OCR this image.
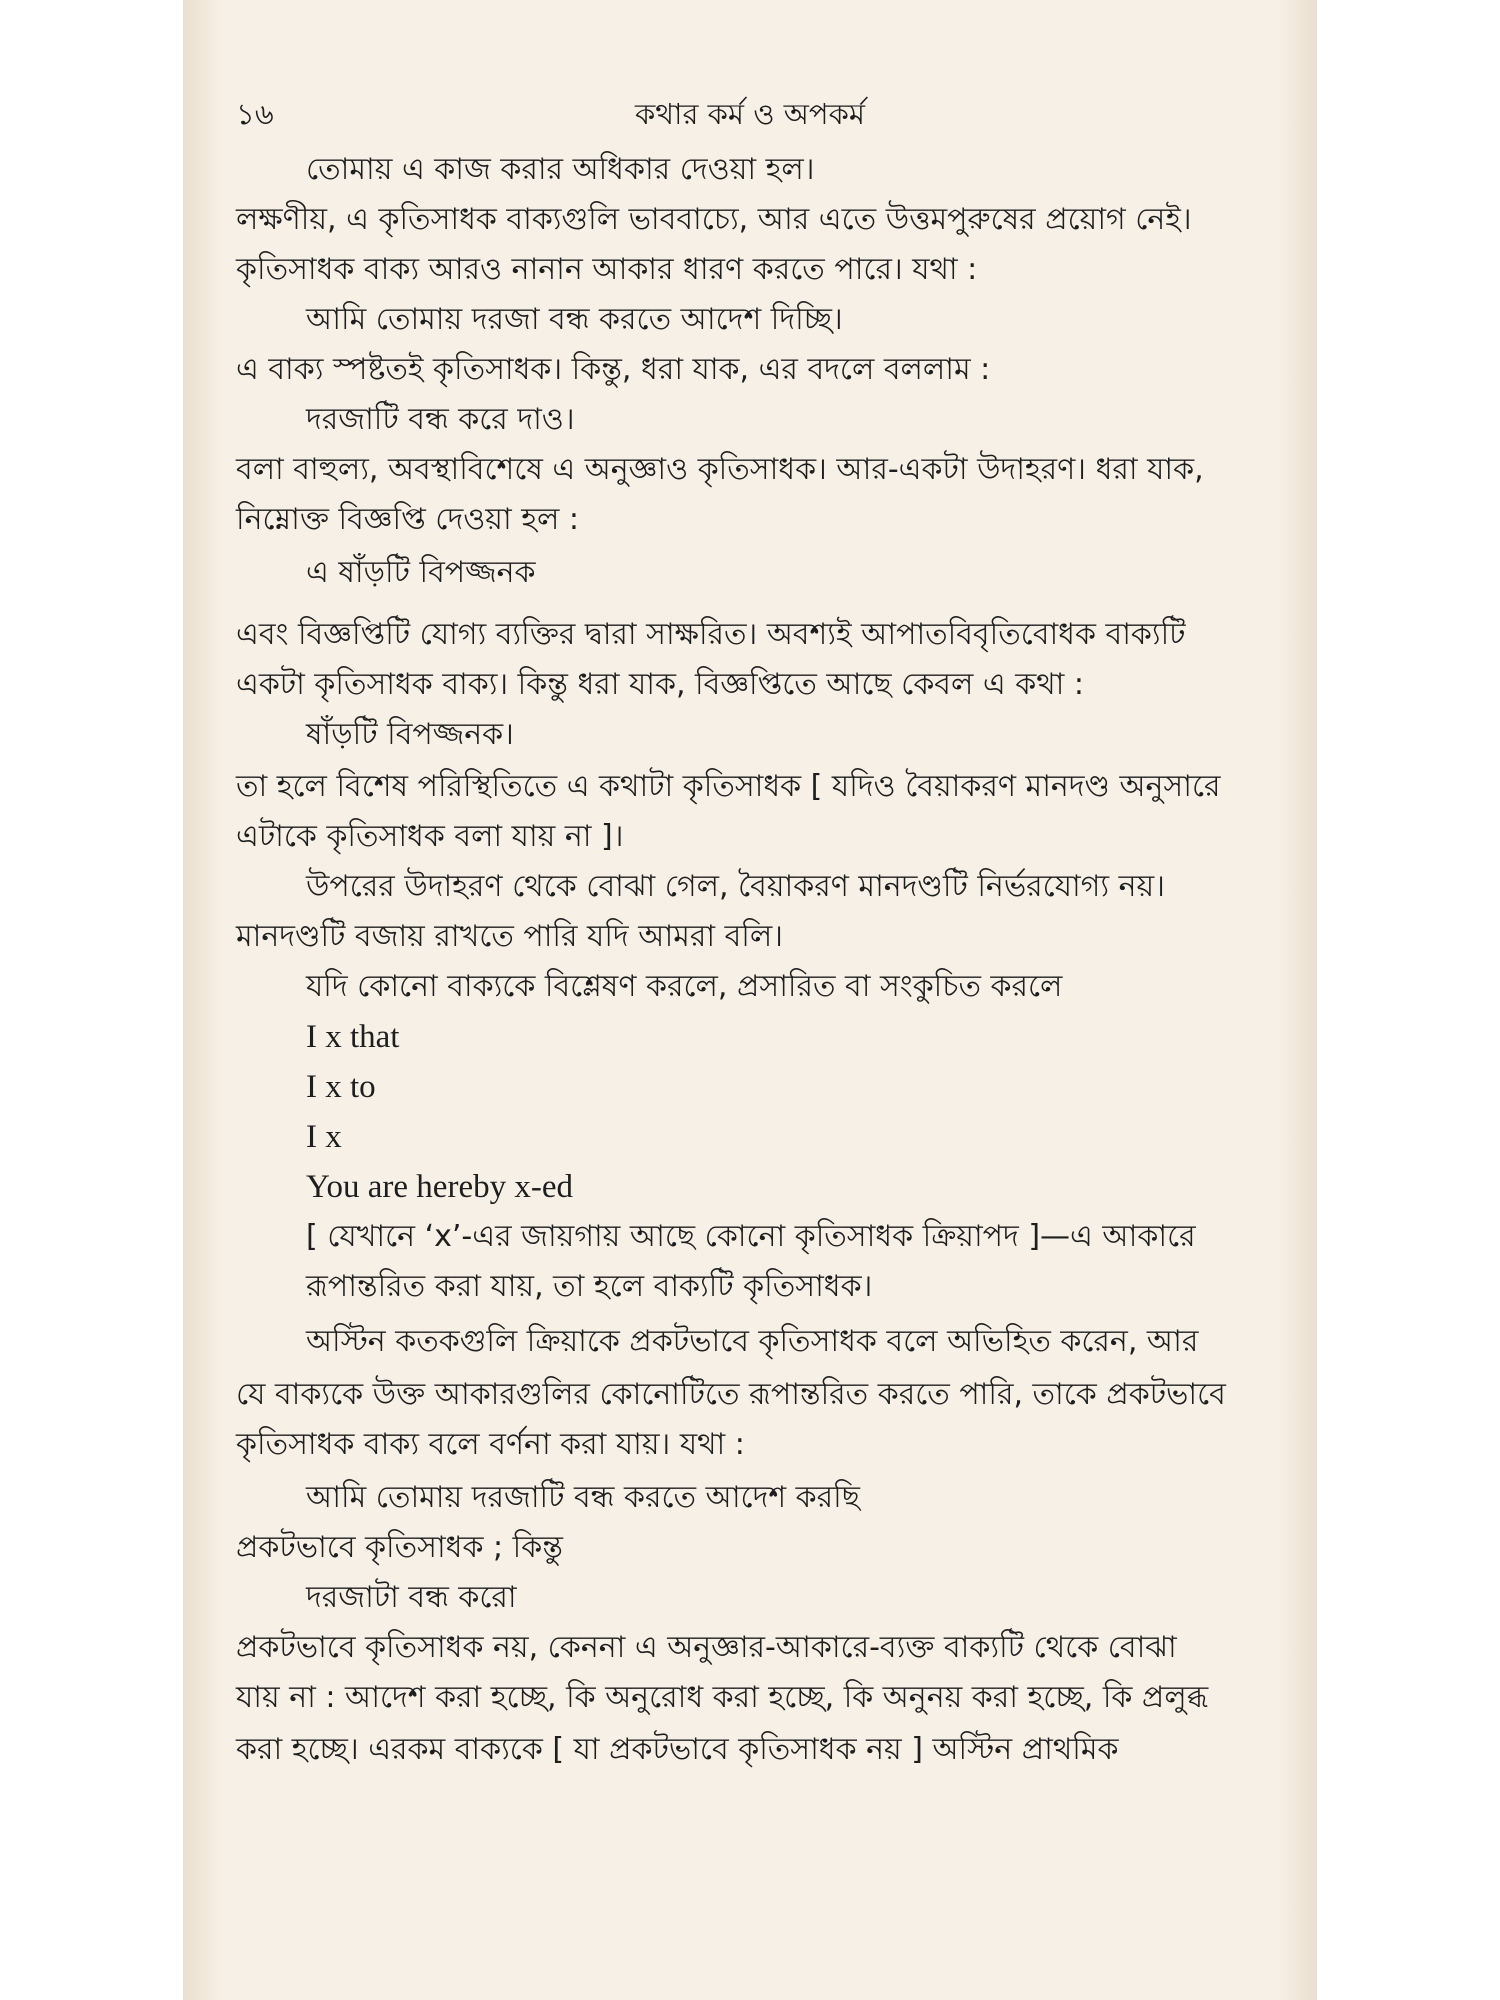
কথার কর্ম ও অপকর্ম
১৬
তোমায় এ কাজ করার অধিকার দেওয়া হল।
লক্ষণীয়, এ কৃতিসাধক বাক্যগুলি ভাববাচ্যে, আর এতে উত্তমপুরুষের প্রয়োগ নেই।
কৃতিসাধক বাক্য আরও নানান আকার ধারণ করতে পারে। যথা :
আমি তোমায় দরজা বন্ধ করতে আদেশ দিচ্ছি।
এ বাক্য স্পষ্টতই কৃতিসাধক। কিন্তু, ধরা যাক, এর বদলে বললাম :
দরজাটি বন্ধ করে দাও।
বলা বাহুল্য, অবস্থাবিশেষে এ অনুজ্ঞাও কৃতিসাধক। আর-একটা উদাহরণ। ধরা যাক,
নিম্নোক্ত বিজ্ঞপ্তি দেওয়া হল :
এ ষাঁড়টি বিপজ্জনক
এবং বিজ্ঞপ্তিটি যোগ্য ব্যক্তির দ্বারা সাক্ষরিত। অবশ্যই আপাতবিবৃতিবোধক বাক্যটি
একটা কৃতিসাধক বাক্য। কিন্তু ধরা যাক, বিজ্ঞপ্তিতে আছে কেবল এ কথা :
ষাঁড়টি বিপজ্জনক।
তা হলে বিশেষ পরিস্থিতিতে এ কথাটা কৃতিসাধক [ যদিও বৈয়াকরণ মানদণ্ড অনুসারে
এটাকে কৃতিসাধক বলা যায় না ]।
উপরের উদাহরণ থেকে বোঝা গেল, বৈয়াকরণ মানদণ্ডটি নির্ভরযোগ্য নয়।
মানদণ্ডটি বজায় রাখতে পারি যদি আমরা বলি।
যদি কোনো বাক্যকে বিশ্লেষণ করলে, প্রসারিত বা সংকুচিত করলে
I x that
I x to
I x
You are hereby x-ed
[ যেখানে ‘x’-এর জায়গায় আছে কোনো কৃতিসাধক ক্রিয়াপদ ]—এ আকারে
রূপান্তরিত করা যায়, তা হলে বাক্যটি কৃতিসাধক।
অস্টিন কতকগুলি ক্রিয়াকে প্রকটভাবে কৃতিসাধক বলে অভিহিত করেন, আর
যে বাক্যকে উক্ত আকারগুলির কোনোটিতে রূপান্তরিত করতে পারি, তাকে প্রকটভাবে
কৃতিসাধক বাক্য বলে বর্ণনা করা যায়। যথা :
আমি তোমায় দরজাটি বন্ধ করতে আদেশ করছি
প্রকটভাবে কৃতিসাধক ; কিন্তু
দরজাটা বন্ধ করো
প্রকটভাবে কৃতিসাধক নয়, কেননা এ অনুজ্ঞার-আকারে-ব্যক্ত বাক্যটি থেকে বোঝা
যায় না : আদেশ করা হচ্ছে, কি অনুরোধ করা হচ্ছে, কি অনুনয় করা হচ্ছে, কি প্রলুব্ধ
করা হচ্ছে। এরকম বাক্যকে [ যা প্রকটভাবে কৃতিসাধক নয় ] অস্টিন প্রাথমিক
